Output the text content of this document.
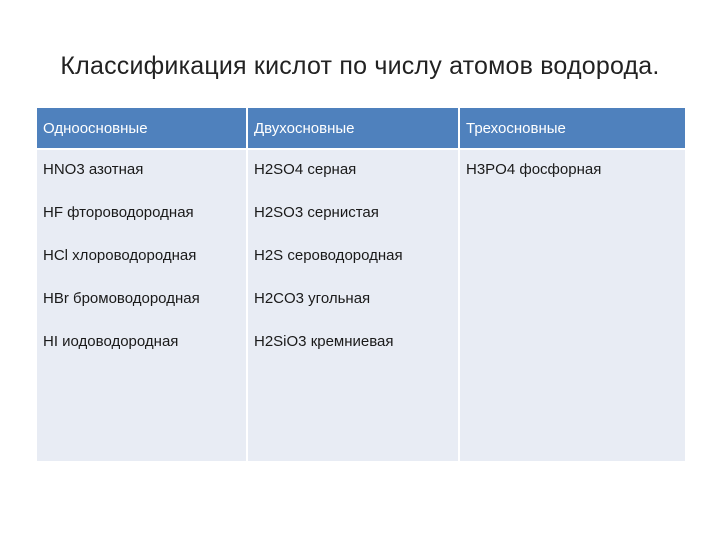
Классификация кислот по числу атомов водорода.
Одноосновные	Двухосновные	Трехосновные
HNO3 азотная	H2SO4 серная	H3PO4 фосфорная
HF фтороводородная	H2SO3 сернистая	
HCl хлороводородная	H2S сероводородная	
HBr бромоводородная	H2CO3 угольная	
HI иодоводородная	H2SiO3 кремниевая	
